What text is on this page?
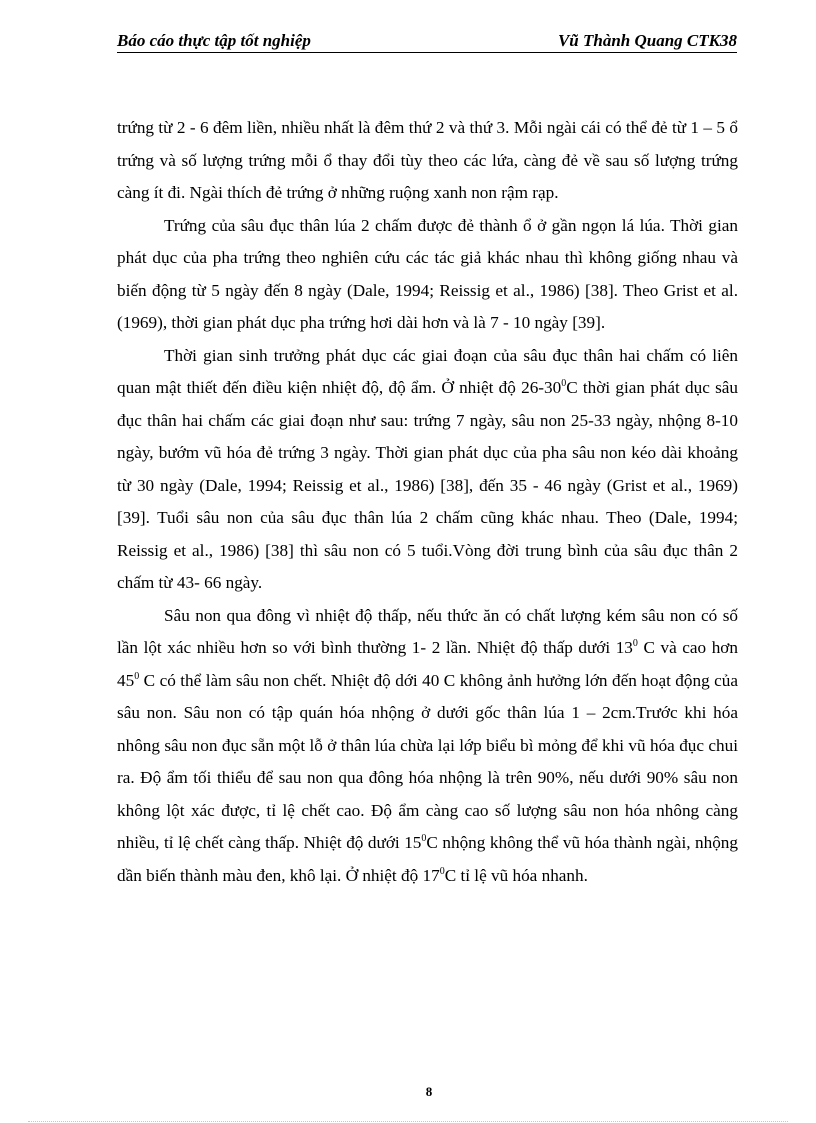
Báo cáo thực tập tốt nghiệp	Vũ Thành Quang CTK38

trứng từ 2 - 6 đêm liền, nhiều nhất là đêm thứ 2 và thứ 3. Mỗi ngài cái có thể đẻ từ 1 – 5 ổ trứng và số lượng trứng mỗi ổ thay đổi tùy theo các lứa, càng đẻ về sau số lượng trứng càng ít đi. Ngài thích đẻ trứng ở những ruộng xanh non rậm rạp.

Trứng của sâu đục thân lúa 2 chấm được đẻ thành ổ ở gần ngọn lá lúa. Thời gian phát dục của pha trứng theo nghiên cứu các tác giả khác nhau thì không giống nhau và biến động từ 5 ngày đến 8 ngày (Dale, 1994; Reissig et al., 1986) [38]. Theo Grist et al. (1969), thời gian phát dục pha trứng hơi dài hơn và là 7 - 10 ngày [39].

Thời gian sinh trưởng phát dục các giai đoạn của sâu đục thân hai chấm có liên quan mật thiết đến điều kiện nhiệt độ, độ ẩm. Ở nhiệt độ $26-30^0C$ thời gian phát dục sâu đục thân hai chấm các giai đoạn như sau: trứng 7 ngày, sâu non 25-33 ngày, nhộng 8-10 ngày, bướm vũ hóa đẻ trứng 3 ngày. Thời gian phát dục của pha sâu non kéo dài khoảng từ 30 ngày (Dale, 1994; Reissig et al., 1986) [38], đến 35 - 46 ngày (Grist et al., 1969) [39]. Tuổi sâu non của sâu đục thân lúa 2 chấm cũng khác nhau. Theo (Dale, 1994; Reissig et al., 1986) [38] thì sâu non có 5 tuổi.Vòng đời trung bình của sâu đục thân 2 chấm từ 43- 66 ngày.

Sâu non qua đông vì nhiệt độ thấp, nếu thức ăn có chất lượng kém sâu non có số lần lột xác nhiều hơn so với bình thường 1- 2 lần. Nhiệt độ thấp dưới $13^0$ C và cao hơn $45^0$ C có thể làm sâu non chết. Nhiệt độ dới 40 C không ảnh hưởng lớn đến hoạt động của sâu non. Sâu non có tập quán hóa nhộng ở dưới gốc thân lúa 1 – 2cm.Trước khi hóa nhông sâu non đục sẵn một lỗ ở thân lúa chừa lại lớp biểu bì mỏng để khi vũ hóa đục chui ra. Độ ẩm tối thiểu để sau non qua đông hóa nhộng là trên 90%, nếu dưới 90% sâu non không lột xác được, tỉ lệ chết cao. Độ ẩm càng cao số lượng sâu non hóa nhông càng nhiều, tỉ lệ chết càng thấp. Nhiệt độ dưới $15^0C$ nhộng không thể vũ hóa thành ngài, nhộng dần biến thành màu đen, khô lại. Ở nhiệt độ $17^0C$ tỉ lệ vũ hóa nhanh.

8
